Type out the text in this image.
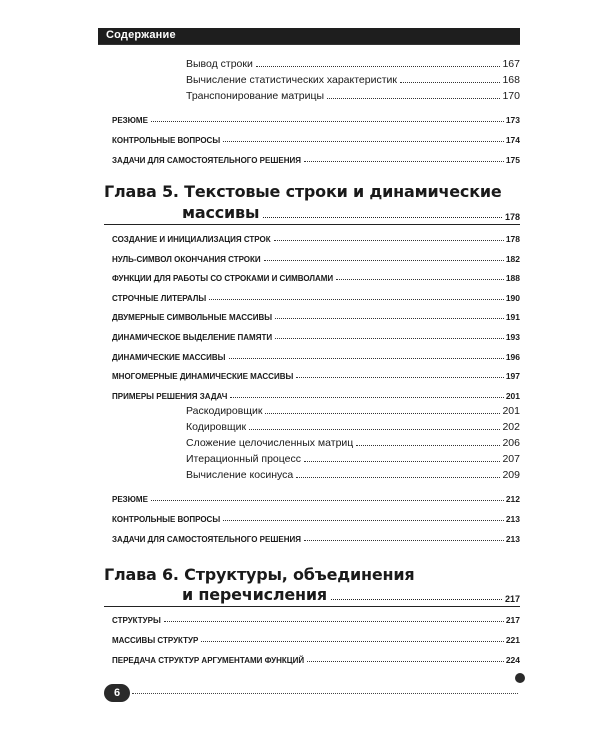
Содержание
Вывод строки	167
Вычисление статистических характеристик	168
Транспонирование матрицы	170
РЕЗЮМЕ	173
КОНТРОЛЬНЫЕ ВОПРОСЫ	174
ЗАДАЧИ ДЛЯ САМОСТОЯТЕЛЬНОГО РЕШЕНИЯ	175
Глава 5. Текстовые строки и динамические
массивы	178
СОЗДАНИЕ И ИНИЦИАЛИЗАЦИЯ СТРОК	178
НУЛЬ-СИМВОЛ ОКОНЧАНИЯ СТРОКИ	182
ФУНКЦИИ ДЛЯ РАБОТЫ СО СТРОКАМИ И СИМВОЛАМИ	188
СТРОЧНЫЕ ЛИТЕРАЛЫ	190
ДВУМЕРНЫЕ СИМВОЛЬНЫЕ МАССИВЫ	191
ДИНАМИЧЕСКОЕ ВЫДЕЛЕНИЕ ПАМЯТИ	193
ДИНАМИЧЕСКИЕ МАССИВЫ	196
МНОГОМЕРНЫЕ ДИНАМИЧЕСКИЕ МАССИВЫ	197
ПРИМЕРЫ РЕШЕНИЯ ЗАДАЧ	201
Раскодировщик	201
Кодировщик	202
Сложение целочисленных матриц	206
Итерационный процесс	207
Вычисление косинуса	209
РЕЗЮМЕ	212
КОНТРОЛЬНЫЕ ВОПРОСЫ	213
ЗАДАЧИ ДЛЯ САМОСТОЯТЕЛЬНОГО РЕШЕНИЯ	213
Глава 6. Структуры, объединения
и перечисления	217
СТРУКТУРЫ	217
МАССИВЫ СТРУКТУР	221
ПЕРЕДАЧА СТРУКТУР АРГУМЕНТАМИ ФУНКЦИЙ	224
6
